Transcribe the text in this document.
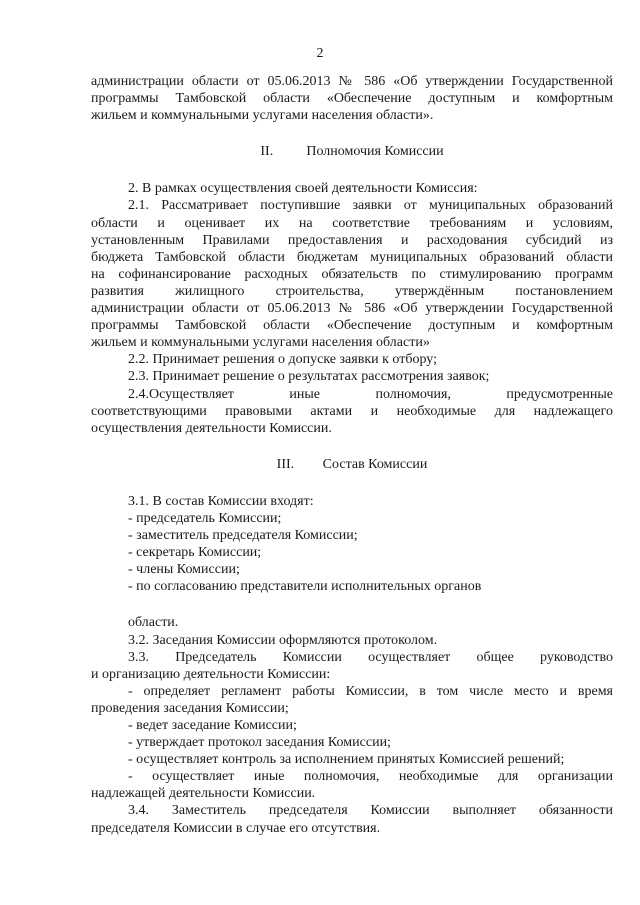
2

администрации области от 05.06.2013 № 586 «Об утверждении Государственной

программы Тамбовской области «Обеспечение доступным и комфортным

жильем и коммунальными услугами населения области».

II. Полномочия Комиссии

2. В рамках осуществления своей деятельности Комиссия:

2.1. Рассматривает поступившие заявки от муниципальных образований

области и оценивает их на соответствие требованиям и условиям,

установленным Правилами предоставления и расходования субсидий из

бюджета Тамбовской области бюджетам муниципальных образований области

на софинансирование расходных обязательств по стимулированию программ

развития жилищного строительства, утверждённым постановлением

администрации области от 05.06.2013 № 586 «Об утверждении Государственной

программы Тамбовской области «Обеспечение доступным и комфортным

жильем и коммунальными услугами населения области»

2.2. Принимает решения о допуске заявки к отбору;

2.3. Принимает решение о результатах рассмотрения заявок;

2.4.Осуществляет иные полномочия, предусмотренные

соответствующими правовыми актами и необходимые для надлежащего

осуществления деятельности Комиссии.

III. Состав Комиссии

3.1. В состав Комиссии входят:

- председатель Комиссии;

- заместитель председателя Комиссии;

- секретарь Комиссии;

- члены Комиссии;

- по согласованию представители исполнительных органов

области.

3.2. Заседания Комиссии оформляются протоколом.

3.3. Председатель Комиссии осуществляет общее руководство

и организацию деятельности Комиссии:

- определяет регламент работы Комиссии, в том числе место и время

проведения заседания Комиссии;

- ведет заседание Комиссии;

- утверждает протокол заседания Комиссии;

- осуществляет контроль за исполнением принятых Комиссией решений;

- осуществляет иные полномочия, необходимые для организации

надлежащей деятельности Комиссии.

3.4. Заместитель председателя Комиссии выполняет обязанности

председателя Комиссии в случае его отсутствия.
